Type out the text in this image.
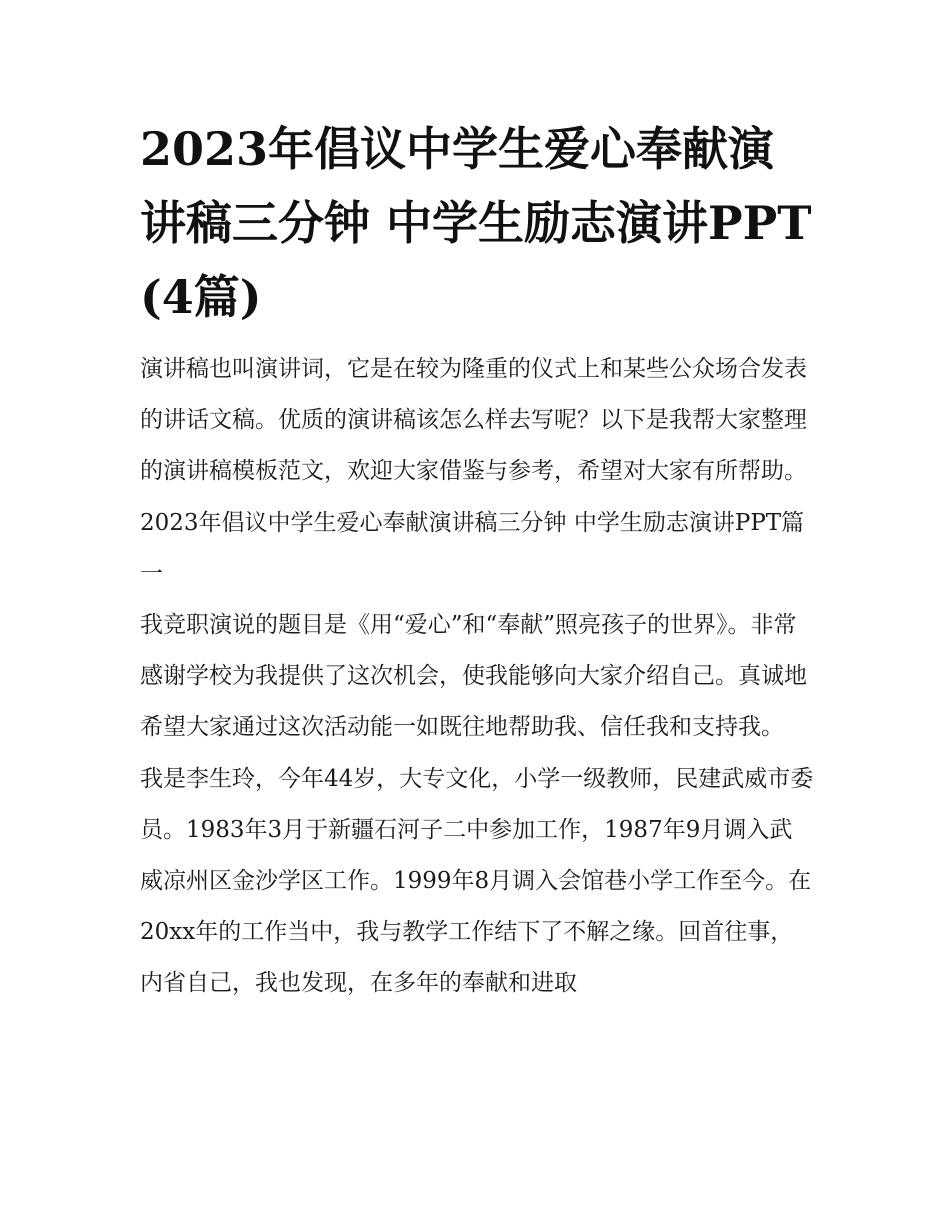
2023年倡议中学生爱心奉献演讲稿三分钟 中学生励志演讲PPT(4篇)

演讲稿也叫演讲词，它是在较为隆重的仪式上和某些公众场合发表的讲话文稿。优质的演讲稿该怎么样去写呢？以下是我帮大家整理的演讲稿模板范文，欢迎大家借鉴与参考，希望对大家有所帮助。

2023年倡议中学生爱心奉献演讲稿三分钟 中学生励志演讲PPT篇一

我竞职演说的题目是《用“爱心”和“奉献”照亮孩子的世界》。非常感谢学校为我提供了这次机会，使我能够向大家介绍自己。真诚地希望大家通过这次活动能一如既往地帮助我、信任我和支持我。

我是李生玲，今年44岁，大专文化，小学一级教师，民建武威市委员。1983年3月于新疆石河子二中参加工作，1987年9月调入武威凉州区金沙学区工作。1999年8月调入会馆巷小学工作至今。在20xx年的工作当中，我与教学工作结下了不解之缘。回首往事，内省自己，我也发现，在多年的奉献和进取
